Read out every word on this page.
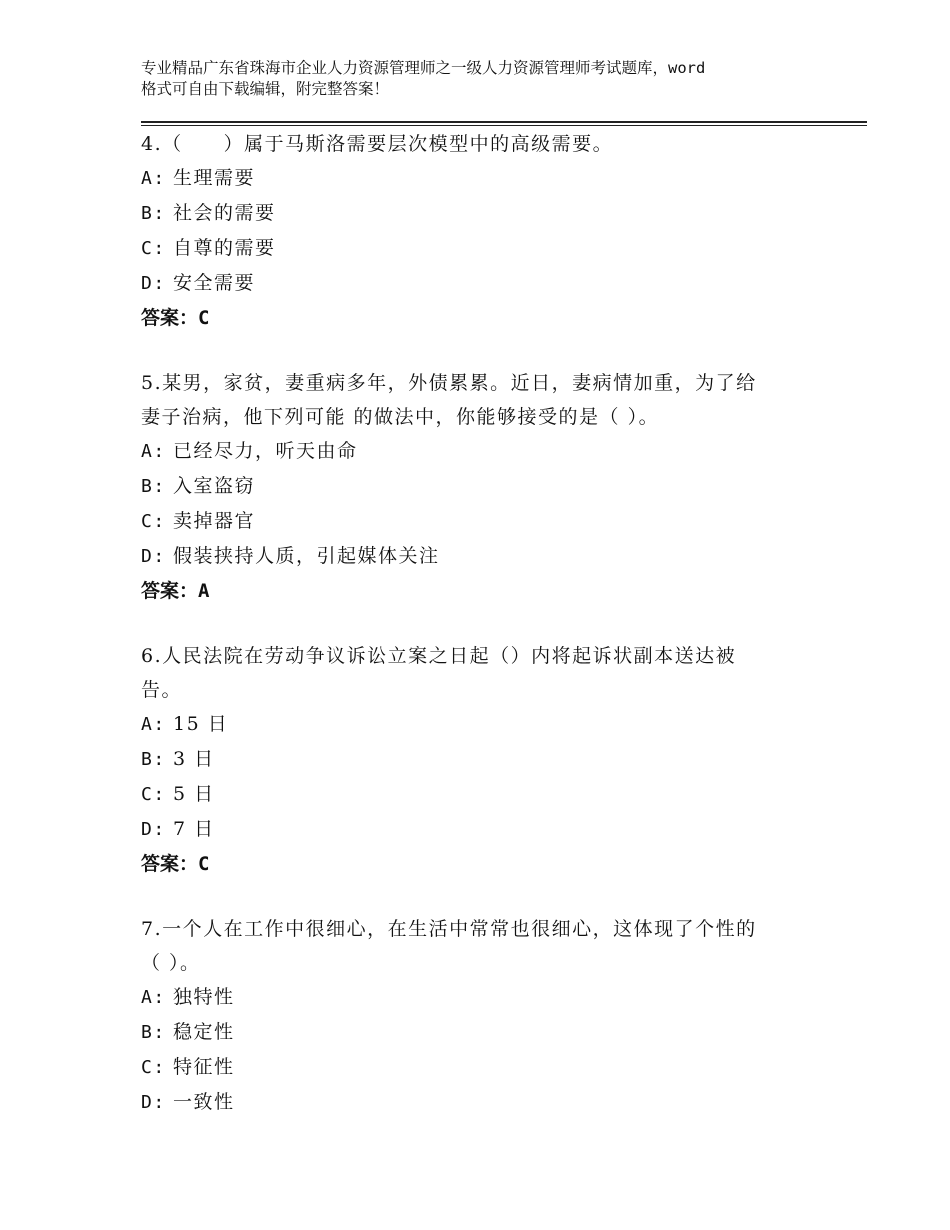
专业精品广东省珠海市企业人力资源管理师之一级人力资源管理师考试题库，word
格式可自由下载编辑，附完整答案！
4.（　　）属于马斯洛需要层次模型中的高级需要。
A: 生理需要
B: 社会的需要
C: 自尊的需要
D: 安全需要
答案：C
5.某男，家贫，妻重病多年，外债累累。近日，妻病情加重，为了给
妻子治病，他下列可能 的做法中，你能够接受的是（ ）。
A: 已经尽力，听天由命
B: 入室盗窃
C: 卖掉器官
D: 假装挟持人质，引起媒体关注
答案：A
6.人民法院在劳动争议诉讼立案之日起（）内将起诉状副本送达被
告。
A: 15 日
B: 3 日
C: 5 日
D: 7 日
答案：C
7.一个人在工作中很细心，在生活中常常也很细心，这体现了个性的
（ ）。
A: 独特性
B: 稳定性
C: 特征性
D: 一致性
